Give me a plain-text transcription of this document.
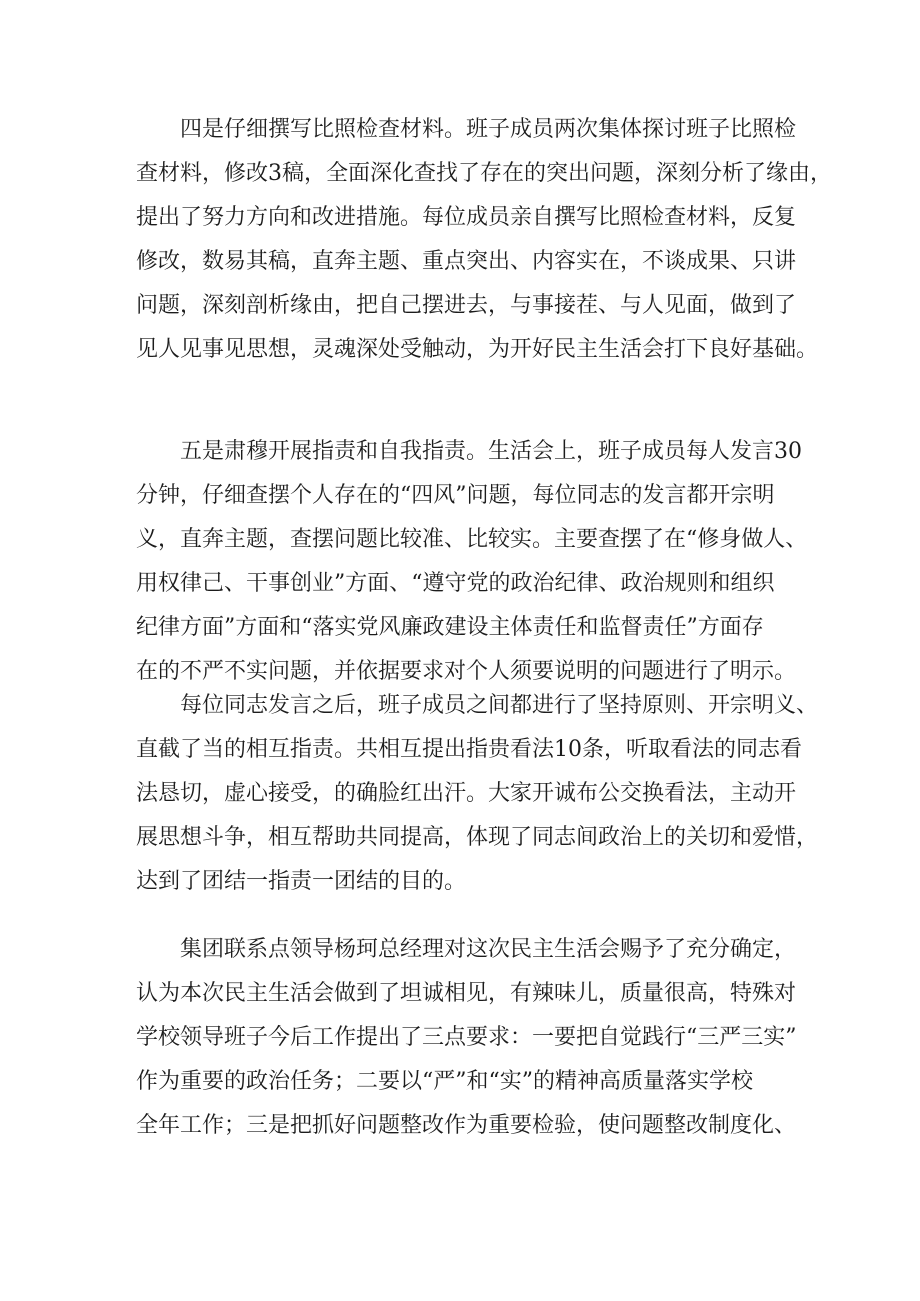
四是仔细撰写比照检查材料。班子成员两次集体探讨班子比照检
查材料，修改3稿，全面深化查找了存在的突出问题，深刻分析了缘由，
提出了努力方向和改进措施。每位成员亲自撰写比照检查材料，反复
修改，数易其稿，直奔主题、重点突出、内容实在，不谈成果、只讲
问题，深刻剖析缘由，把自己摆进去，与事接茬、与人见面，做到了
见人见事见思想，灵魂深处受触动，为开好民主生活会打下良好基础。
五是肃穆开展指责和自我指责。生活会上，班子成员每人发言30
分钟，仔细查摆个人存在的“四风”问题，每位同志的发言都开宗明
义，直奔主题，查摆问题比较准、比较实。主要查摆了在“修身做人、
用权律己、干事创业”方面、“遵守党的政治纪律、政治规则和组织
纪律方面”方面和“落实党风廉政建设主体责任和监督责任”方面存
在的不严不实问题，并依据要求对个人须要说明的问题进行了明示。
每位同志发言之后，班子成员之间都进行了坚持原则、开宗明义、
直截了当的相互指责。共相互提出指贵看法10条，听取看法的同志看
法恳切，虚心接受，的确脸红出汗。大家开诚布公交换看法，主动开
展思想斗争，相互帮助共同提高，体现了同志间政治上的关切和爱惜，
达到了团结一指责一团结的目的。
集团联系点领导杨珂总经理对这次民主生活会赐予了充分确定，
认为本次民主生活会做到了坦诚相见，有辣味儿，质量很高，特殊对
学校领导班子今后工作提出了三点要求：一要把自觉践行“三严三实”
作为重要的政治任务；二要以“严”和“实”的精神高质量落实学校
全年工作；三是把抓好问题整改作为重要检验，使问题整改制度化、
